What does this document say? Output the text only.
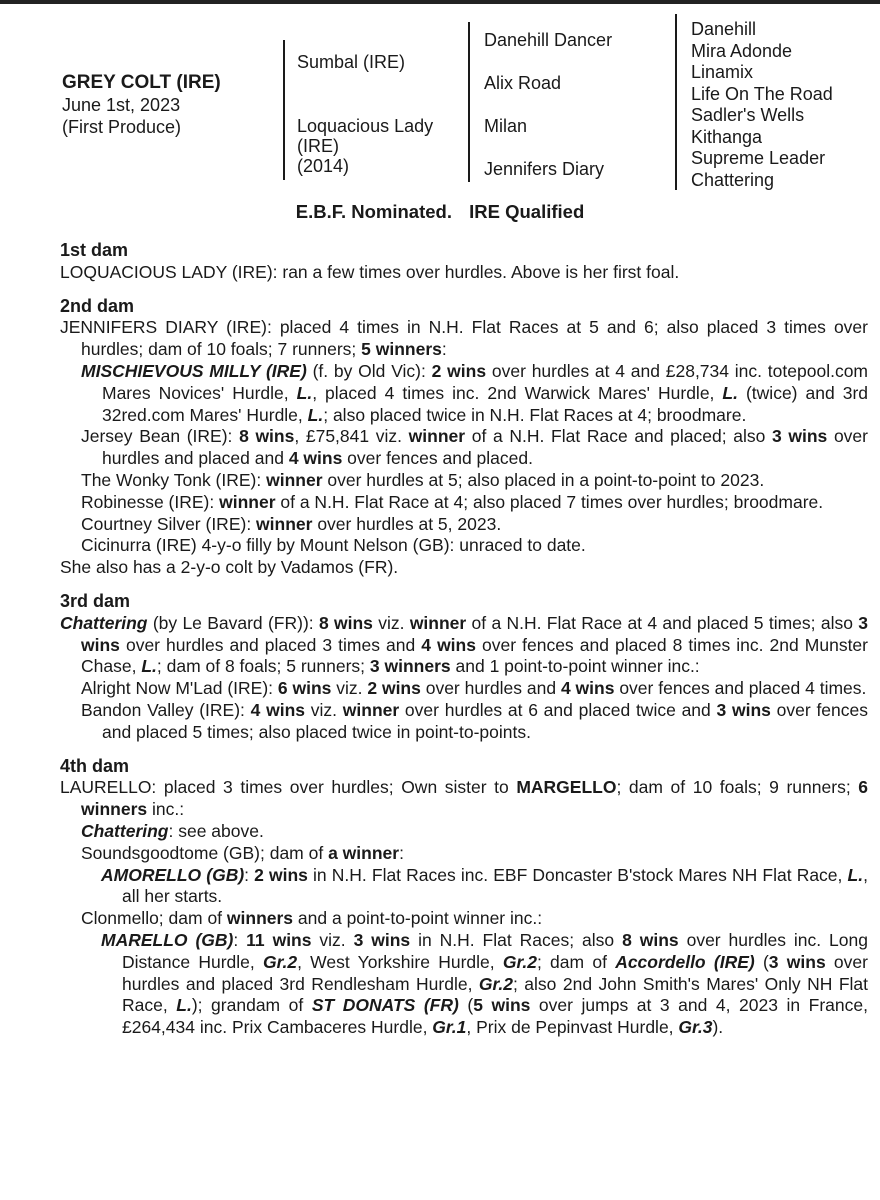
GREY COLT (IRE)
June 1st, 2023
(First Produce)
Sumbal (IRE)
Loquacious Lady
(IRE)
(2014)
Danehill Dancer
Alix Road
Milan
Jennifers Diary
Danehill
Mira Adonde
Linamix
Life On The Road
Sadler's Wells
Kithanga
Supreme Leader
Chattering
E.B.F. Nominated. IRE Qualified
1st dam
LOQUACIOUS LADY (IRE): ran a few times over hurdles. Above is her first foal.
2nd dam
JENNIFERS DIARY (IRE): placed 4 times in N.H. Flat Races at 5 and 6; also placed 3 times over hurdles; dam of 10 foals; 7 runners; 5 winners:
MISCHIEVOUS MILLY (IRE) (f. by Old Vic): 2 wins over hurdles at 4 and £28,734 inc. totepool.com Mares Novices' Hurdle, L., placed 4 times inc. 2nd Warwick Mares' Hurdle, L. (twice) and 3rd 32red.com Mares' Hurdle, L.; also placed twice in N.H. Flat Races at 4; broodmare.
Jersey Bean (IRE): 8 wins, £75,841 viz. winner of a N.H. Flat Race and placed; also 3 wins over hurdles and placed and 4 wins over fences and placed.
The Wonky Tonk (IRE): winner over hurdles at 5; also placed in a point-to-point to 2023.
Robinesse (IRE): winner of a N.H. Flat Race at 4; also placed 7 times over hurdles; broodmare.
Courtney Silver (IRE): winner over hurdles at 5, 2023.
Cicinurra (IRE) 4-y-o filly by Mount Nelson (GB): unraced to date.
She also has a 2-y-o colt by Vadamos (FR).
3rd dam
Chattering (by Le Bavard (FR)): 8 wins viz. winner of a N.H. Flat Race at 4 and placed 5 times; also 3 wins over hurdles and placed 3 times and 4 wins over fences and placed 8 times inc. 2nd Munster Chase, L.; dam of 8 foals; 5 runners; 3 winners and 1 point-to-point winner inc.:
Alright Now M'Lad (IRE): 6 wins viz. 2 wins over hurdles and 4 wins over fences and placed 4 times.
Bandon Valley (IRE): 4 wins viz. winner over hurdles at 6 and placed twice and 3 wins over fences and placed 5 times; also placed twice in point-to-points.
4th dam
LAURELLO: placed 3 times over hurdles; Own sister to MARGELLO; dam of 10 foals; 9 runners; 6 winners inc.:
Chattering: see above.
Soundsgoodtome (GB); dam of a winner:
AMORELLO (GB): 2 wins in N.H. Flat Races inc. EBF Doncaster B'stock Mares NH Flat Race, L., all her starts.
Clonmello; dam of winners and a point-to-point winner inc.:
MARELLO (GB): 11 wins viz. 3 wins in N.H. Flat Races; also 8 wins over hurdles inc. Long Distance Hurdle, Gr.2, West Yorkshire Hurdle, Gr.2; dam of Accordello (IRE) (3 wins over hurdles and placed 3rd Rendlesham Hurdle, Gr.2; also 2nd John Smith's Mares' Only NH Flat Race, L.); grandam of ST DONATS (FR) (5 wins over jumps at 3 and 4, 2023 in France, £264,434 inc. Prix Cambaceres Hurdle, Gr.1, Prix de Pepinvast Hurdle, Gr.3).
